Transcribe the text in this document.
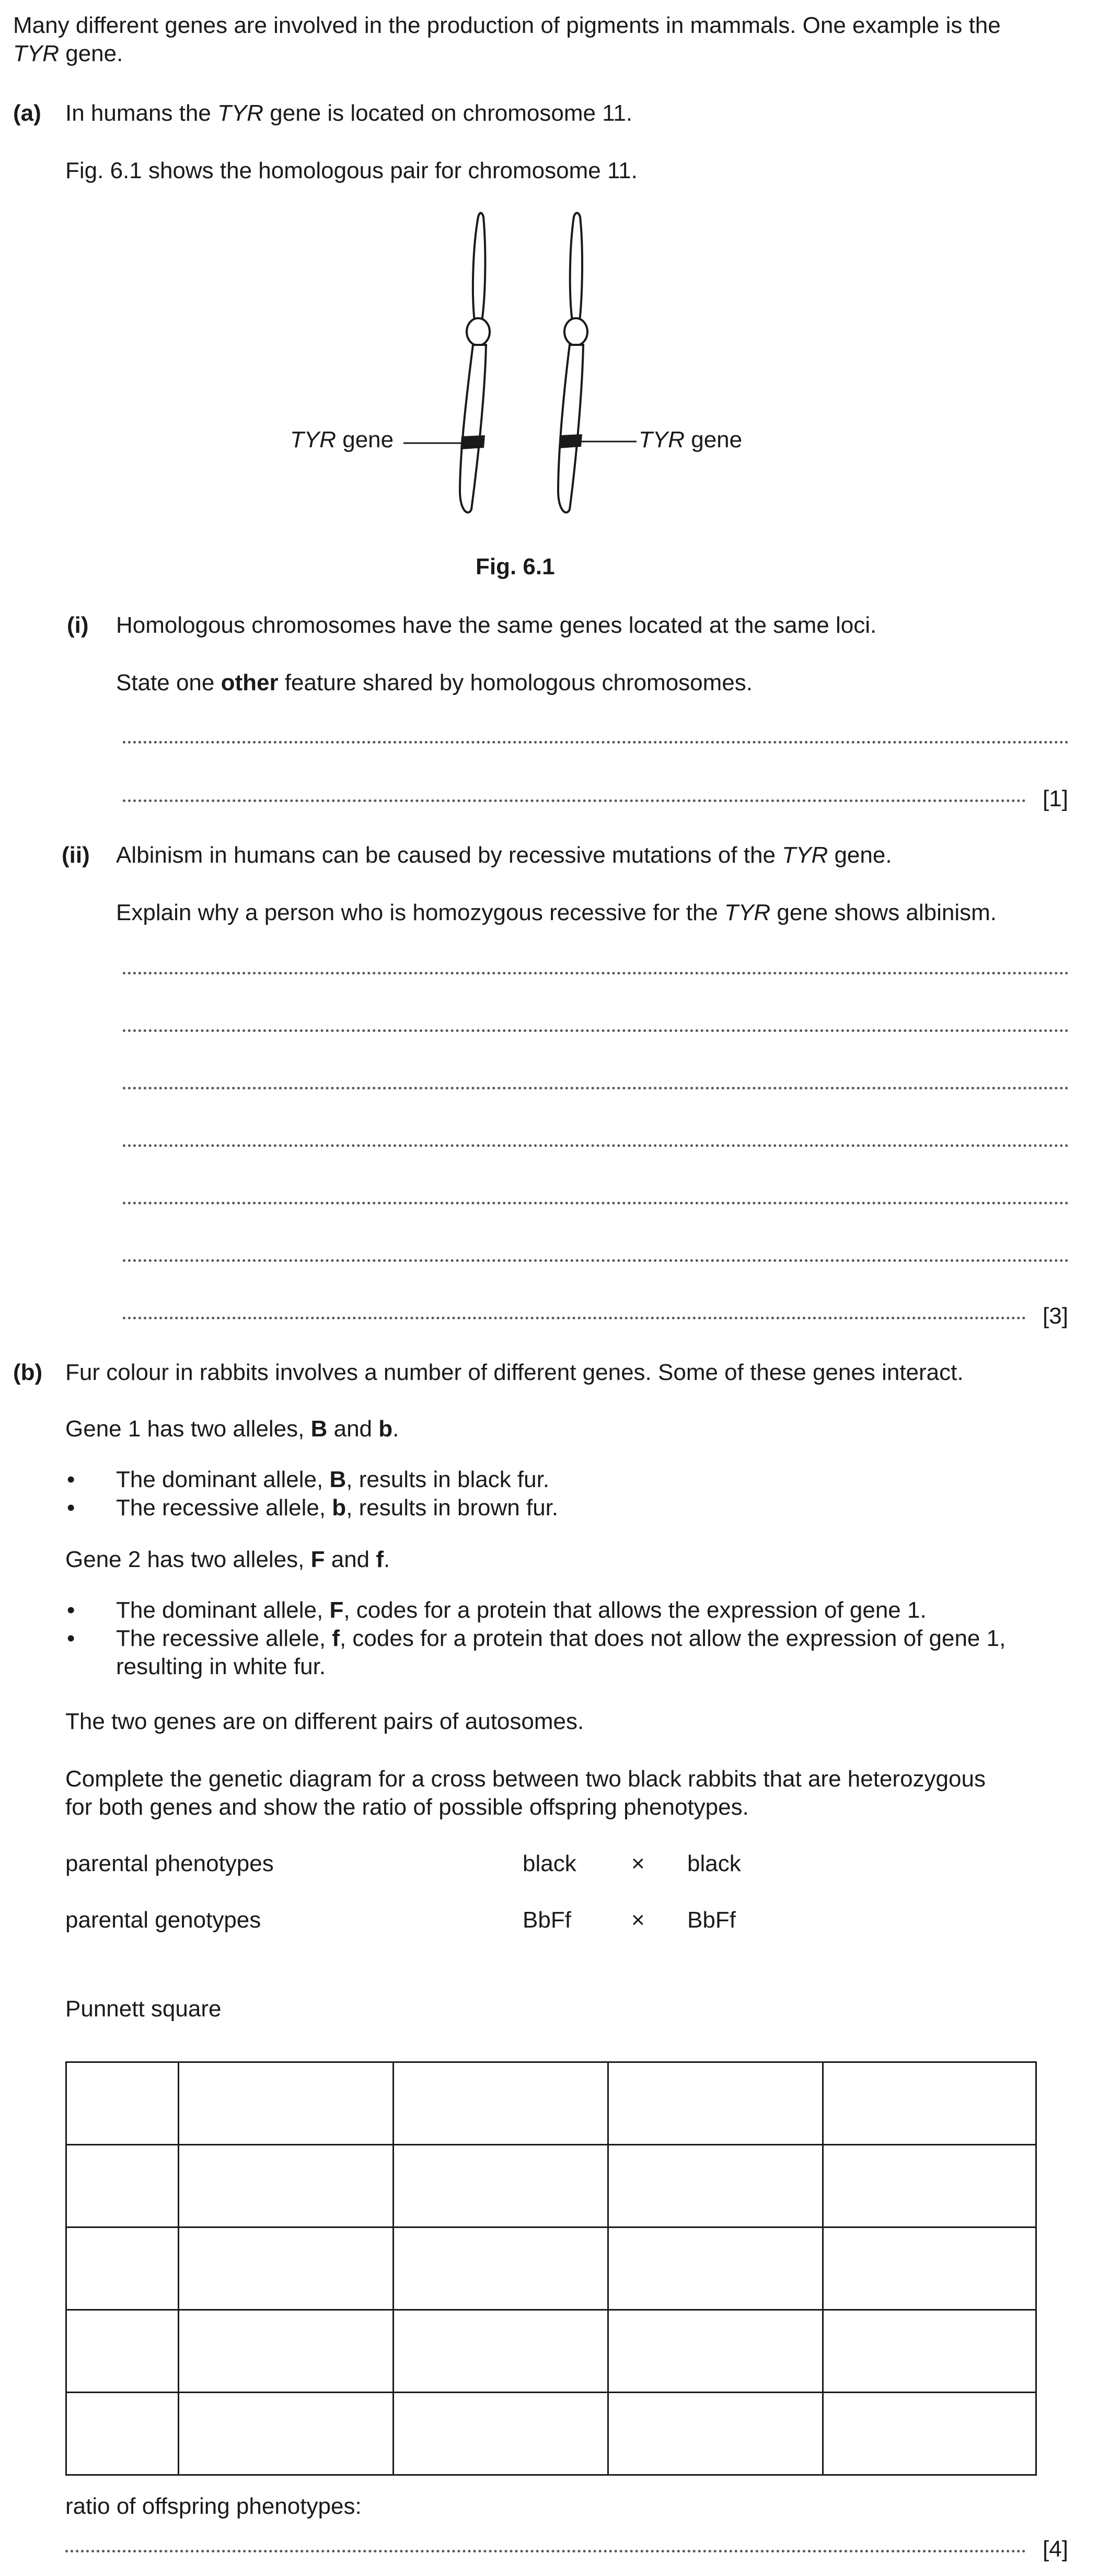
Many different genes are involved in the production of pigments in mammals. One example is the
TYR gene.
(a) In humans the TYR gene is located on chromosome 11.
Fig. 6.1 shows the homologous pair for chromosome 11.
TYR gene	TYR gene
Fig. 6.1
(i) Homologous chromosomes have the same genes located at the same loci.
State one other feature shared by homologous chromosomes.
[1]
(ii) Albinism in humans can be caused by recessive mutations of the TYR gene.
Explain why a person who is homozygous recessive for the TYR gene shows albinism.
[3]
(b) Fur colour in rabbits involves a number of different genes. Some of these genes interact.
Gene 1 has two alleles, B and b.
• The dominant allele, B, results in black fur.
• The recessive allele, b, results in brown fur.
Gene 2 has two alleles, F and f.
• The dominant allele, F, codes for a protein that allows the expression of gene 1.
• The recessive allele, f, codes for a protein that does not allow the expression of gene 1,
resulting in white fur.
The two genes are on different pairs of autosomes.
Complete the genetic diagram for a cross between two black rabbits that are heterozygous
for both genes and show the ratio of possible offspring phenotypes.
parental phenotypes	black × black
parental genotypes	BbFf	× BbFf
Punnett square

ratio of offspring phenotypes:
[4]
